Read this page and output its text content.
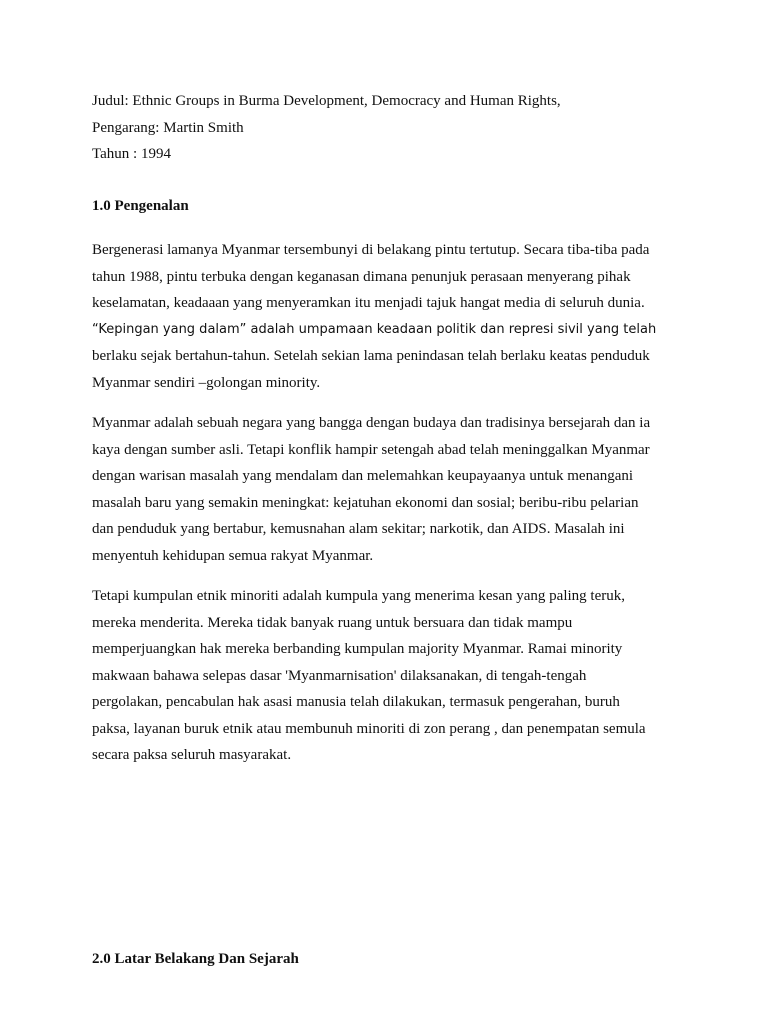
Judul: Ethnic Groups in Burma Development, Democracy and Human Rights,

Pengarang: Martin Smith

Tahun : 1994

1.0 Pengenalan

Bergenerasi lamanya Myanmar tersembunyi di belakang pintu tertutup. Secara tiba-tiba pada
tahun 1988, pintu terbuka dengan keganasan dimana penunjuk perasaan menyerang pihak
keselamatan, keadaaan yang menyeramkan itu menjadi tajuk hangat media di seluruh dunia.
“Kepingan yang dalam” adalah umpamaan keadaan politik dan represi sivil yang telah
berlaku sejak bertahun-tahun. Setelah sekian lama penindasan telah berlaku keatas penduduk
Myanmar sendiri –golongan minority.

Myanmar adalah sebuah negara yang bangga dengan budaya dan tradisinya bersejarah dan ia
kaya dengan sumber asli. Tetapi konflik hampir setengah abad telah meninggalkan Myanmar
dengan warisan masalah yang mendalam dan melemahkan keupayaanya untuk menangani
masalah baru yang semakin meningkat: kejatuhan ekonomi dan sosial; beribu-ribu pelarian
dan penduduk yang bertabur, kemusnahan alam sekitar; narkotik, dan AIDS. Masalah ini
menyentuh kehidupan semua rakyat Myanmar.

Tetapi kumpulan etnik minoriti adalah kumpula yang menerima kesan yang paling teruk,
mereka menderita. Mereka tidak banyak ruang untuk bersuara dan tidak mampu
memperjuangkan hak mereka berbanding kumpulan majority Myanmar. Ramai minority
makwaan bahawa selepas dasar 'Myanmarnisation' dilaksanakan, di tengah-tengah
pergolakan, pencabulan hak asasi manusia telah dilakukan, termasuk pengerahan, buruh
paksa, layanan buruk etnik atau membunuh minoriti di zon perang , dan penempatan semula
secara paksa seluruh masyarakat.

2.0 Latar Belakang Dan Sejarah
